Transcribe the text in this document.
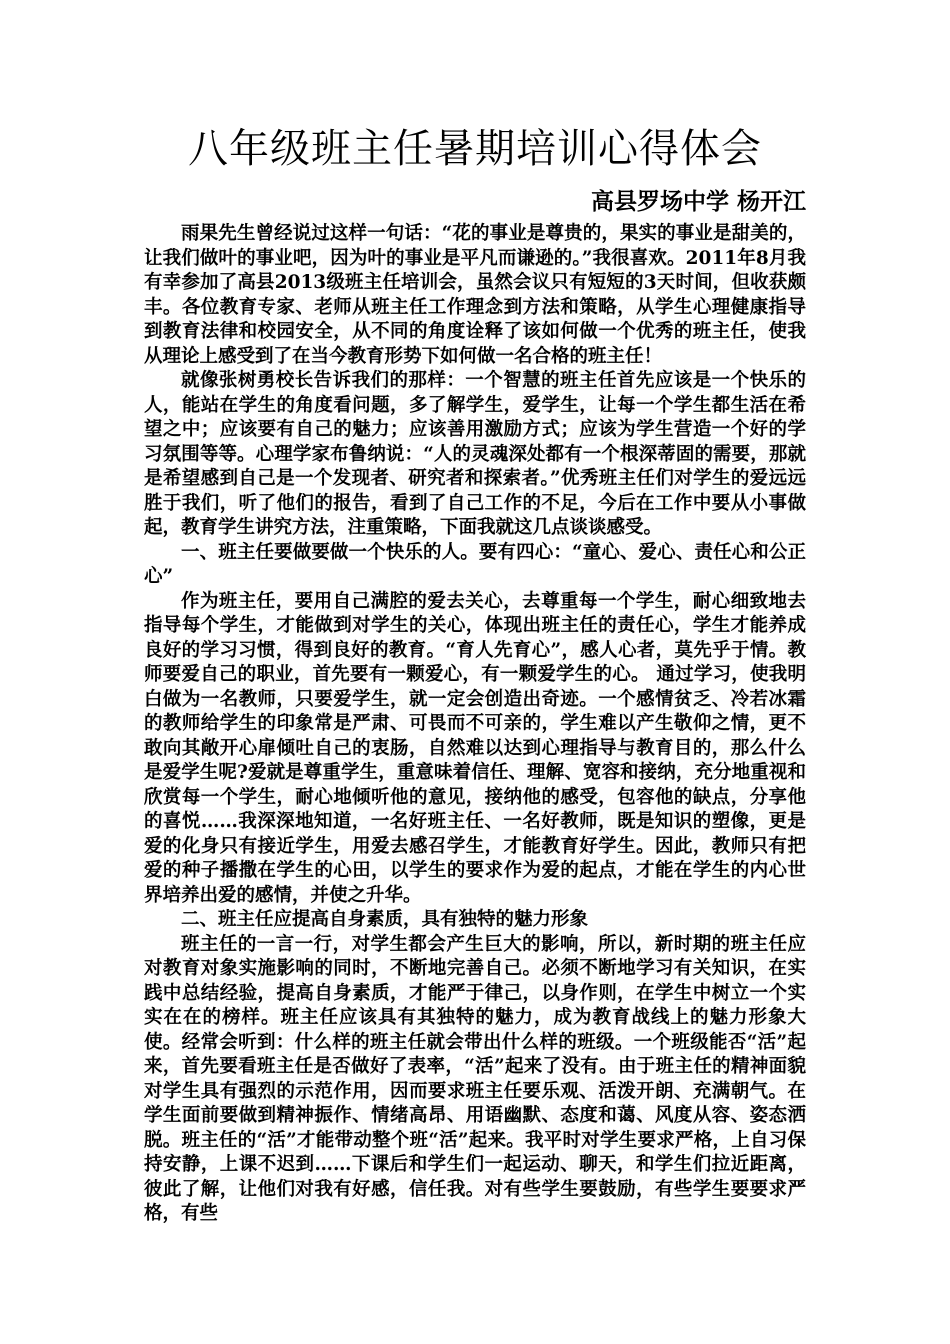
八年级班主任暑期培训心得体会
高县罗场中学 杨开江

雨果先生曾经说过这样一句话：“花的事业是尊贵的，果实的事业是甜美的，让我们做叶的事业吧，因为叶的事业是平凡而谦逊的。”我很喜欢。2011年8月我有幸参加了高县2013级班主任培训会，虽然会议只有短短的3天时间，但收获颇丰。各位教育专家、老师从班主任工作理念到方法和策略，从学生心理健康指导到教育法律和校园安全，从不同的角度诠释了该如何做一个优秀的班主任，使我从理论上感受到了在当今教育形势下如何做一名合格的班主任！

就像张树勇校长告诉我们的那样：一个智慧的班主任首先应该是一个快乐的人，能站在学生的角度看问题，多了解学生，爱学生，让每一个学生都生活在希望之中；应该要有自己的魅力；应该善用激励方式；应该为学生营造一个好的学习氛围等等。心理学家布鲁纳说：“人的灵魂深处都有一个根深蒂固的需要，那就是希望感到自己是一个发现者、研究者和探索者。”优秀班主任们对学生的爱远远胜于我们，听了他们的报告，看到了自己工作的不足，今后在工作中要从小事做起，教育学生讲究方法，注重策略，下面我就这几点谈谈感受。

一、班主任要做要做一个快乐的人。要有四心：“童心、爱心、责任心和公正心”

作为班主任，要用自己满腔的爱去关心，去尊重每一个学生，耐心细致地去指导每个学生，才能做到对学生的关心，体现出班主任的责任心，学生才能养成良好的学习习惯，得到良好的教育。“育人先育心”，感人心者，莫先乎于情。教师要爱自己的职业，首先要有一颗爱心，有一颗爱学生的心。 通过学习，使我明白做为一名教师，只要爱学生，就一定会创造出奇迹。一个感情贫乏、冷若冰霜的教师给学生的印象常是严肃、可畏而不可亲的，学生难以产生敬仰之情，更不敢向其敞开心扉倾吐自己的衷肠，自然难以达到心理指导与教育目的，那么什么是爱学生呢?爱就是尊重学生，重意味着信任、理解、宽容和接纳，充分地重视和欣赏每一个学生，耐心地倾听他的意见，接纳他的感受，包容他的缺点，分享他的喜悦……我深深地知道，一名好班主任、一名好教师，既是知识的塑像，更是爱的化身只有接近学生，用爱去感召学生，才能教育好学生。因此，教师只有把爱的种子播撒在学生的心田，以学生的要求作为爱的起点，才能在学生的内心世界培养出爱的感情，并使之升华。

二、班主任应提高自身素质，具有独特的魅力形象

班主任的一言一行，对学生都会产生巨大的影响，所以，新时期的班主任应对教育对象实施影响的同时，不断地完善自己。必须不断地学习有关知识，在实践中总结经验，提高自身素质，才能严于律己，以身作则，在学生中树立一个实实在在的榜样。班主任应该具有其独特的魅力，成为教育战线上的魅力形象大使。经常会听到：什么样的班主任就会带出什么样的班级。一个班级能否“活”起来，首先要看班主任是否做好了表率，“活”起来了没有。由于班主任的精神面貌对学生具有强烈的示范作用，因而要求班主任要乐观、活泼开朗、充满朝气。在学生面前要做到精神振作、情绪高昂、用语幽默、态度和蔼、风度从容、姿态洒脱。班主任的“活”才能带动整个班“活”起来。我平时对学生要求严格，上自习保持安静，上课不迟到……下课后和学生们一起运动、聊天，和学生们拉近距离，彼此了解，让他们对我有好感，信任我。对有些学生要鼓励，有些学生要要求严格，有些
